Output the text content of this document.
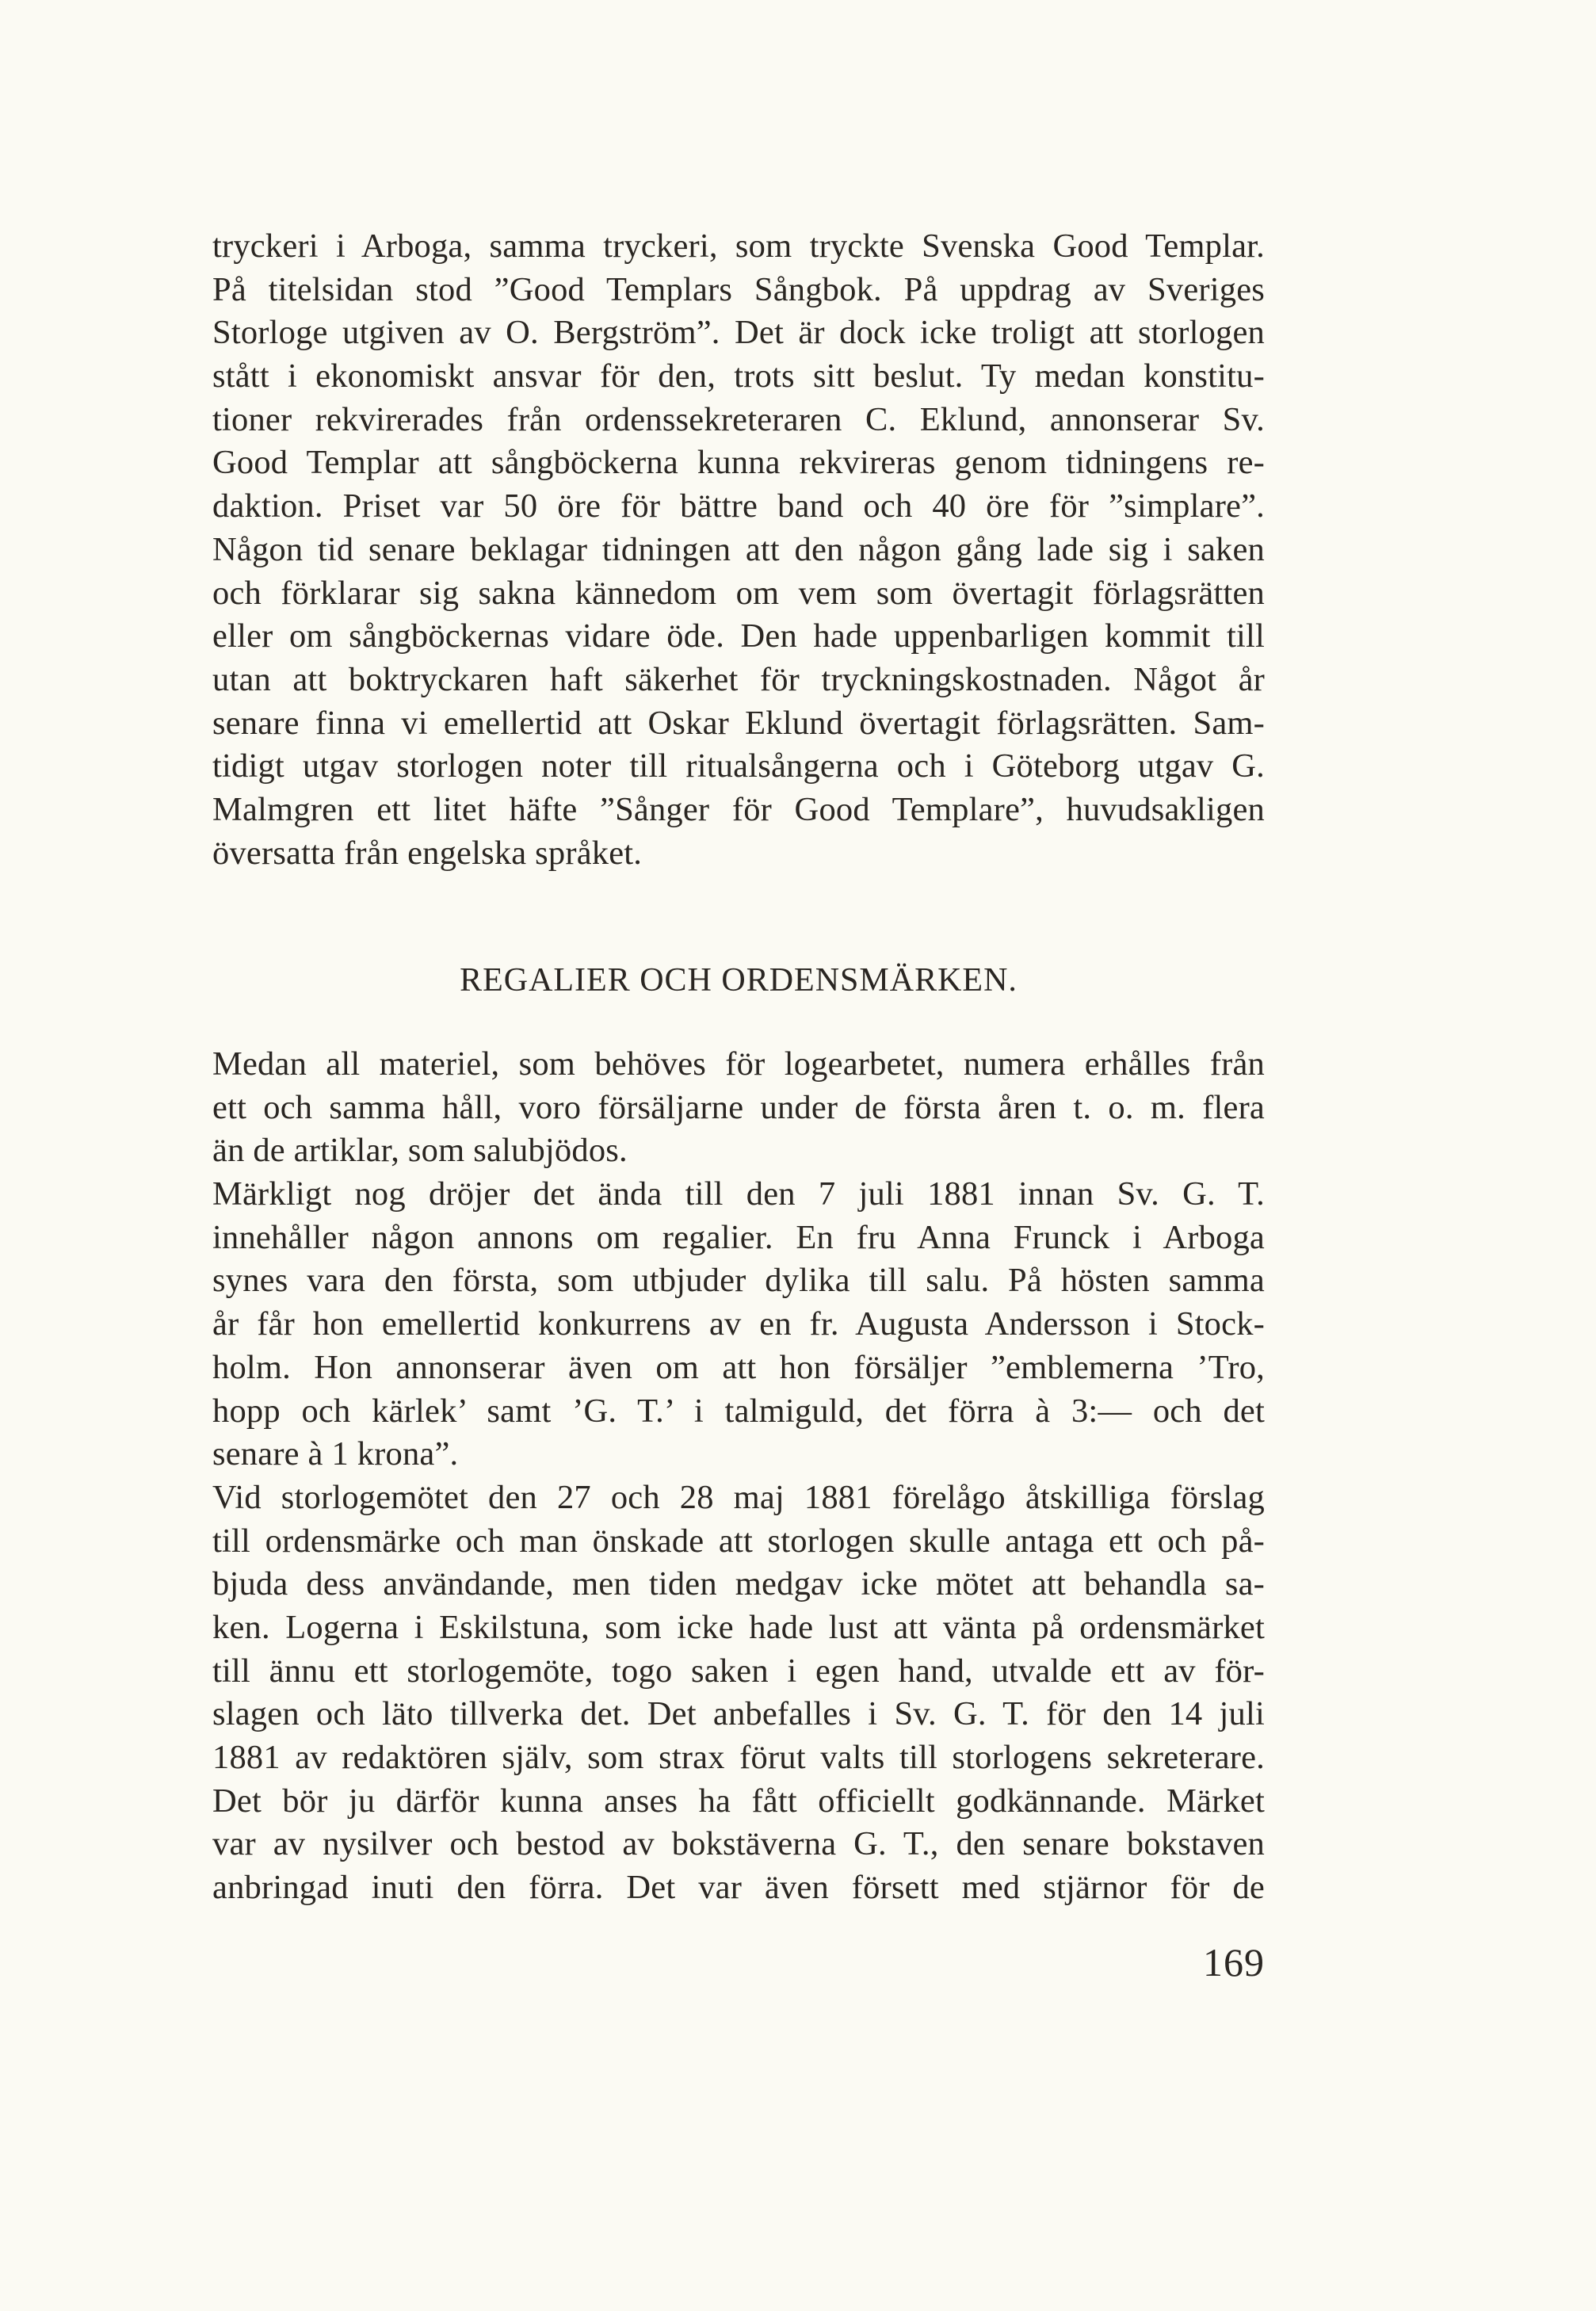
tryckeri i Arboga, samma tryckeri, som tryckte Svenska Good Templar.
På titelsidan stod ”Good Templars Sångbok. På uppdrag av Sveriges
Storloge utgiven av O. Bergström”. Det är dock icke troligt att storlogen
stått i ekonomiskt ansvar för den, trots sitt beslut. Ty medan konstitu-
tioner rekvirerades från ordenssekreteraren C. Eklund, annonserar Sv.
Good Templar att sångböckerna kunna rekvireras genom tidningens re-
daktion. Priset var 50 öre för bättre band och 40 öre för ”simplare”.
Någon tid senare beklagar tidningen att den någon gång lade sig i saken
och förklarar sig sakna kännedom om vem som övertagit förlagsrätten
eller om sångböckernas vidare öde. Den hade uppenbarligen kommit till
utan att boktryckaren haft säkerhet för tryckningskostnaden. Något år
senare finna vi emellertid att Oskar Eklund övertagit förlagsrätten. Sam-
tidigt utgav storlogen noter till ritualsångerna och i Göteborg utgav G.
Malmgren ett litet häfte ”Sånger för Good Templare”, huvudsakligen
översatta från engelska språket.
REGALIER OCH ORDENSMÄRKEN.
Medan all materiel, som behöves för logearbetet, numera erhålles från
ett och samma håll, voro försäljarne under de första åren t. o. m. flera
än de artiklar, som salubjödos.
Märkligt nog dröjer det ända till den 7 juli 1881 innan Sv. G. T.
innehåller någon annons om regalier. En fru Anna Frunck i Arboga
synes vara den första, som utbjuder dylika till salu. På hösten samma
år får hon emellertid konkurrens av en fr. Augusta Andersson i Stock-
holm. Hon annonserar även om att hon försäljer ”emblemerna ’Tro,
hopp och kärlek’ samt ’G. T.’ i talmiguld, det förra à 3:— och det
senare à 1 krona”.
Vid storlogemötet den 27 och 28 maj 1881 förelågo åtskilliga förslag
till ordensmärke och man önskade att storlogen skulle antaga ett och på-
bjuda dess användande, men tiden medgav icke mötet att behandla sa-
ken. Logerna i Eskilstuna, som icke hade lust att vänta på ordensmärket
till ännu ett storlogemöte, togo saken i egen hand, utvalde ett av för-
slagen och läto tillverka det. Det anbefalles i Sv. G. T. för den 14 juli
1881 av redaktören själv, som strax förut valts till storlogens sekreterare.
Det bör ju därför kunna anses ha fått officiellt godkännande. Märket
var av nysilver och bestod av bokstäverna G. T., den senare bokstaven
anbringad inuti den förra. Det var även försett med stjärnor för de
169
